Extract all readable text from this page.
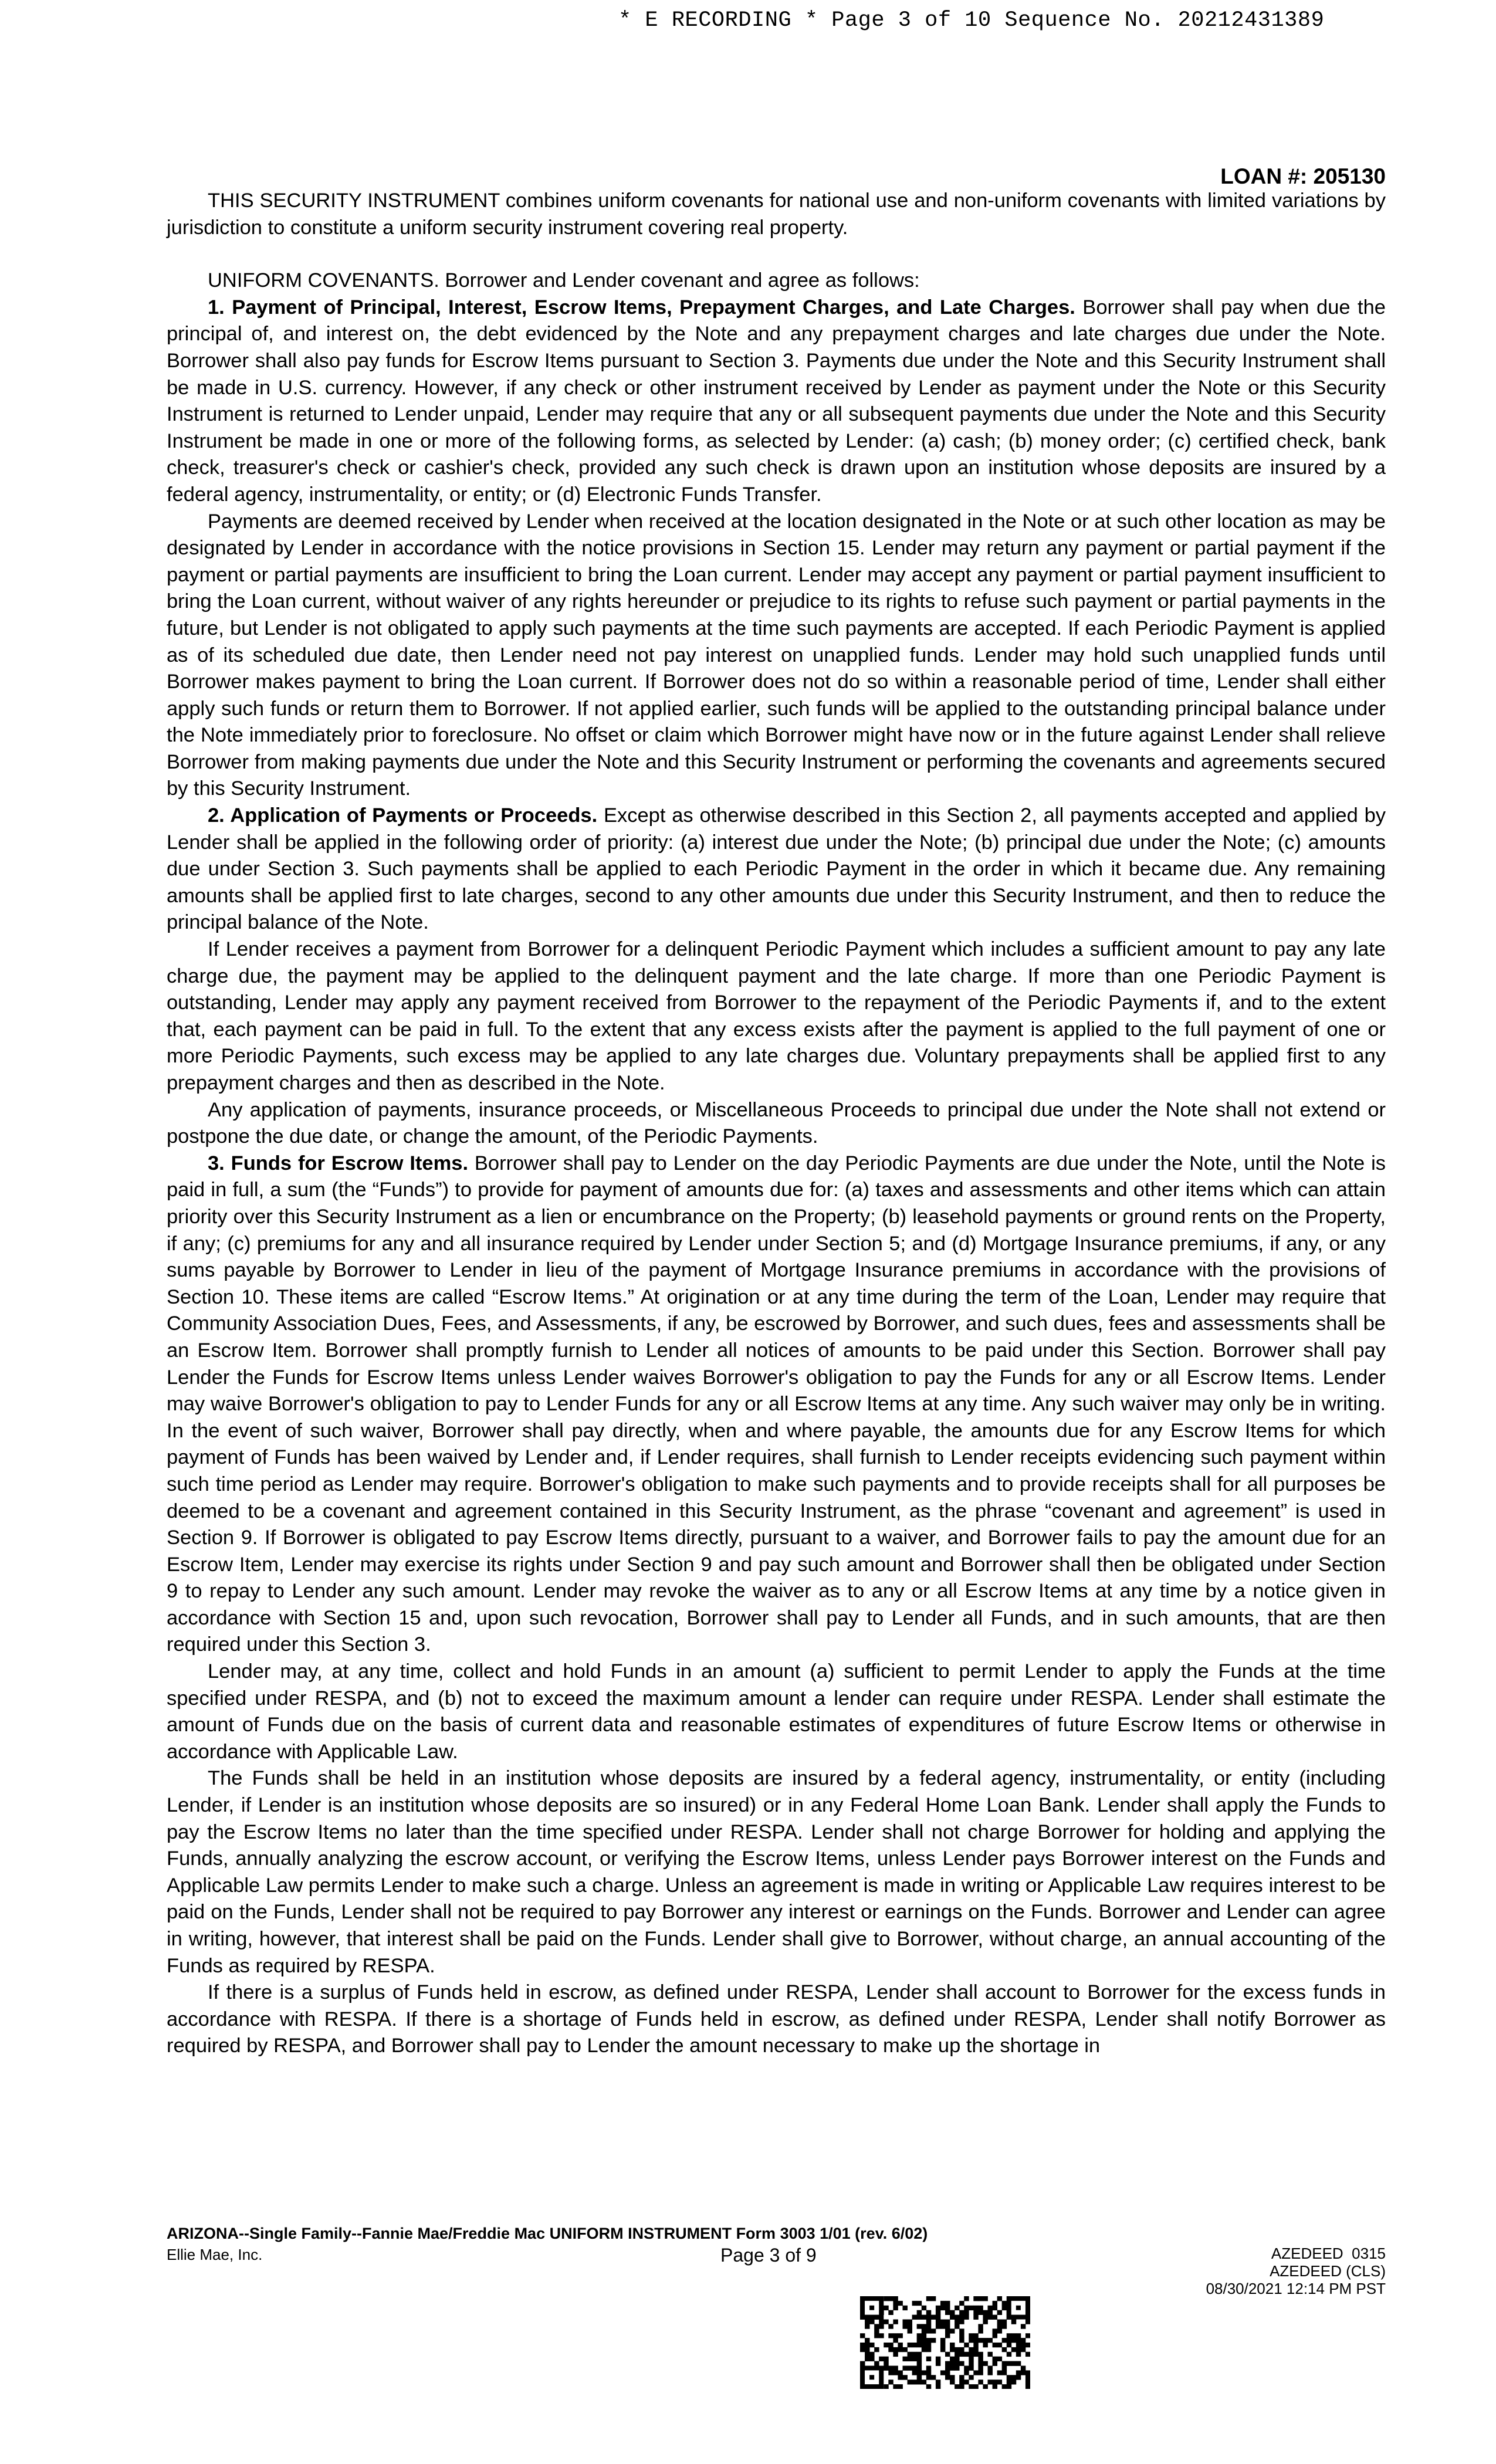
* E RECORDING * Page 3 of 10 Sequence No. 20212431389
LOAN #: 205130

THIS SECURITY INSTRUMENT combines uniform covenants for national use and non-uniform covenants with limited variations by jurisdiction to constitute a uniform security instrument covering real property.

UNIFORM COVENANTS. Borrower and Lender covenant and agree as follows:

1. Payment of Principal, Interest, Escrow Items, Prepayment Charges, and Late Charges. Borrower shall pay when due the principal of, and interest on, the debt evidenced by the Note and any prepayment charges and late charges due under the Note. Borrower shall also pay funds for Escrow Items pursuant to Section 3. Payments due under the Note and this Security Instrument shall be made in U.S. currency. However, if any check or other instrument received by Lender as payment under the Note or this Security Instrument is returned to Lender unpaid, Lender may require that any or all subsequent payments due under the Note and this Security Instrument be made in one or more of the following forms, as selected by Lender: (a) cash; (b) money order; (c) certified check, bank check, treasurer's check or cashier's check, provided any such check is drawn upon an institution whose deposits are insured by a federal agency, instrumentality, or entity; or (d) Electronic Funds Transfer.

Payments are deemed received by Lender when received at the location designated in the Note or at such other location as may be designated by Lender in accordance with the notice provisions in Section 15. Lender may return any payment or partial payment if the payment or partial payments are insufficient to bring the Loan current. Lender may accept any payment or partial payment insufficient to bring the Loan current, without waiver of any rights hereunder or prejudice to its rights to refuse such payment or partial payments in the future, but Lender is not obligated to apply such payments at the time such payments are accepted. If each Periodic Payment is applied as of its scheduled due date, then Lender need not pay interest on unapplied funds. Lender may hold such unapplied funds until Borrower makes payment to bring the Loan current. If Borrower does not do so within a reasonable period of time, Lender shall either apply such funds or return them to Borrower. If not applied earlier, such funds will be applied to the outstanding principal balance under the Note immediately prior to foreclosure. No offset or claim which Borrower might have now or in the future against Lender shall relieve Borrower from making payments due under the Note and this Security Instrument or performing the covenants and agreements secured by this Security Instrument.

2. Application of Payments or Proceeds. Except as otherwise described in this Section 2, all payments accepted and applied by Lender shall be applied in the following order of priority: (a) interest due under the Note; (b) principal due under the Note; (c) amounts due under Section 3. Such payments shall be applied to each Periodic Payment in the order in which it became due. Any remaining amounts shall be applied first to late charges, second to any other amounts due under this Security Instrument, and then to reduce the principal balance of the Note.

If Lender receives a payment from Borrower for a delinquent Periodic Payment which includes a sufficient amount to pay any late charge due, the payment may be applied to the delinquent payment and the late charge. If more than one Periodic Payment is outstanding, Lender may apply any payment received from Borrower to the repayment of the Periodic Payments if, and to the extent that, each payment can be paid in full. To the extent that any excess exists after the payment is applied to the full payment of one or more Periodic Payments, such excess may be applied to any late charges due. Voluntary prepayments shall be applied first to any prepayment charges and then as described in the Note.

Any application of payments, insurance proceeds, or Miscellaneous Proceeds to principal due under the Note shall not extend or postpone the due date, or change the amount, of the Periodic Payments.

3. Funds for Escrow Items. Borrower shall pay to Lender on the day Periodic Payments are due under the Note, until the Note is paid in full, a sum (the “Funds”) to provide for payment of amounts due for: (a) taxes and assessments and other items which can attain priority over this Security Instrument as a lien or encumbrance on the Property; (b) leasehold payments or ground rents on the Property, if any; (c) premiums for any and all insurance required by Lender under Section 5; and (d) Mortgage Insurance premiums, if any, or any sums payable by Borrower to Lender in lieu of the payment of Mortgage Insurance premiums in accordance with the provisions of Section 10. These items are called “Escrow Items.” At origination or at any time during the term of the Loan, Lender may require that Community Association Dues, Fees, and Assessments, if any, be escrowed by Borrower, and such dues, fees and assessments shall be an Escrow Item. Borrower shall promptly furnish to Lender all notices of amounts to be paid under this Section. Borrower shall pay Lender the Funds for Escrow Items unless Lender waives Borrower's obligation to pay the Funds for any or all Escrow Items. Lender may waive Borrower's obligation to pay to Lender Funds for any or all Escrow Items at any time. Any such waiver may only be in writing. In the event of such waiver, Borrower shall pay directly, when and where payable, the amounts due for any Escrow Items for which payment of Funds has been waived by Lender and, if Lender requires, shall furnish to Lender receipts evidencing such payment within such time period as Lender may require. Borrower's obligation to make such payments and to provide receipts shall for all purposes be deemed to be a covenant and agreement contained in this Security Instrument, as the phrase “covenant and agreement” is used in Section 9. If Borrower is obligated to pay Escrow Items directly, pursuant to a waiver, and Borrower fails to pay the amount due for an Escrow Item, Lender may exercise its rights under Section 9 and pay such amount and Borrower shall then be obligated under Section 9 to repay to Lender any such amount. Lender may revoke the waiver as to any or all Escrow Items at any time by a notice given in accordance with Section 15 and, upon such revocation, Borrower shall pay to Lender all Funds, and in such amounts, that are then required under this Section 3.

Lender may, at any time, collect and hold Funds in an amount (a) sufficient to permit Lender to apply the Funds at the time specified under RESPA, and (b) not to exceed the maximum amount a lender can require under RESPA. Lender shall estimate the amount of Funds due on the basis of current data and reasonable estimates of expenditures of future Escrow Items or otherwise in accordance with Applicable Law.

The Funds shall be held in an institution whose deposits are insured by a federal agency, instrumentality, or entity (including Lender, if Lender is an institution whose deposits are so insured) or in any Federal Home Loan Bank. Lender shall apply the Funds to pay the Escrow Items no later than the time specified under RESPA. Lender shall not charge Borrower for holding and applying the Funds, annually analyzing the escrow account, or verifying the Escrow Items, unless Lender pays Borrower interest on the Funds and Applicable Law permits Lender to make such a charge. Unless an agreement is made in writing or Applicable Law requires interest to be paid on the Funds, Lender shall not be required to pay Borrower any interest or earnings on the Funds. Borrower and Lender can agree in writing, however, that interest shall be paid on the Funds. Lender shall give to Borrower, without charge, an annual accounting of the Funds as required by RESPA.

If there is a surplus of Funds held in escrow, as defined under RESPA, Lender shall account to Borrower for the excess funds in accordance with RESPA. If there is a shortage of Funds held in escrow, as defined under RESPA, Lender shall notify Borrower as required by RESPA, and Borrower shall pay to Lender the amount necessary to make up the shortage in

ARIZONA--Single Family--Fannie Mae/Freddie Mac UNIFORM INSTRUMENT Form 3003 1/01 (rev. 6/02)
Ellie Mae, Inc.	Page 3 of 9	AZEDEED  0315
AZEDEED (CLS)
08/30/2021 12:14 PM PST
